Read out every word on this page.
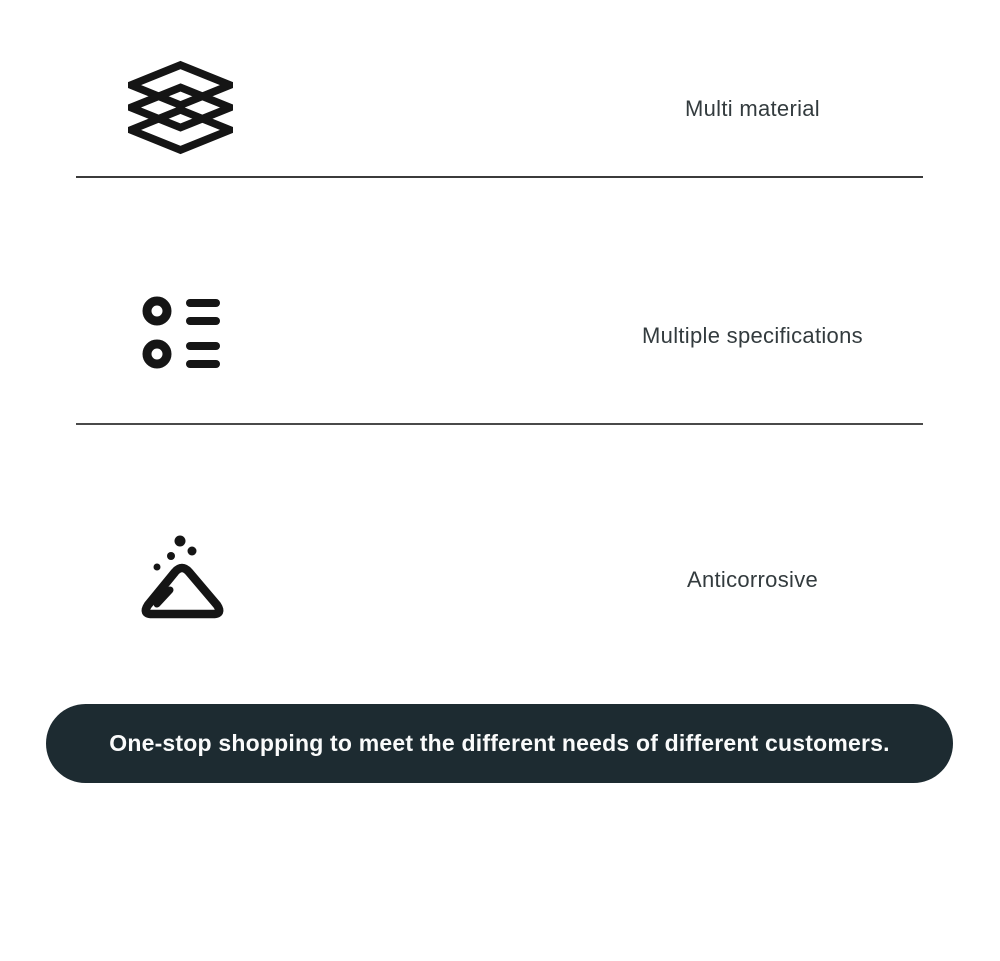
Multi material
Multiple specifications
Anticorrosive
One-stop shopping to meet the different needs of different customers.
